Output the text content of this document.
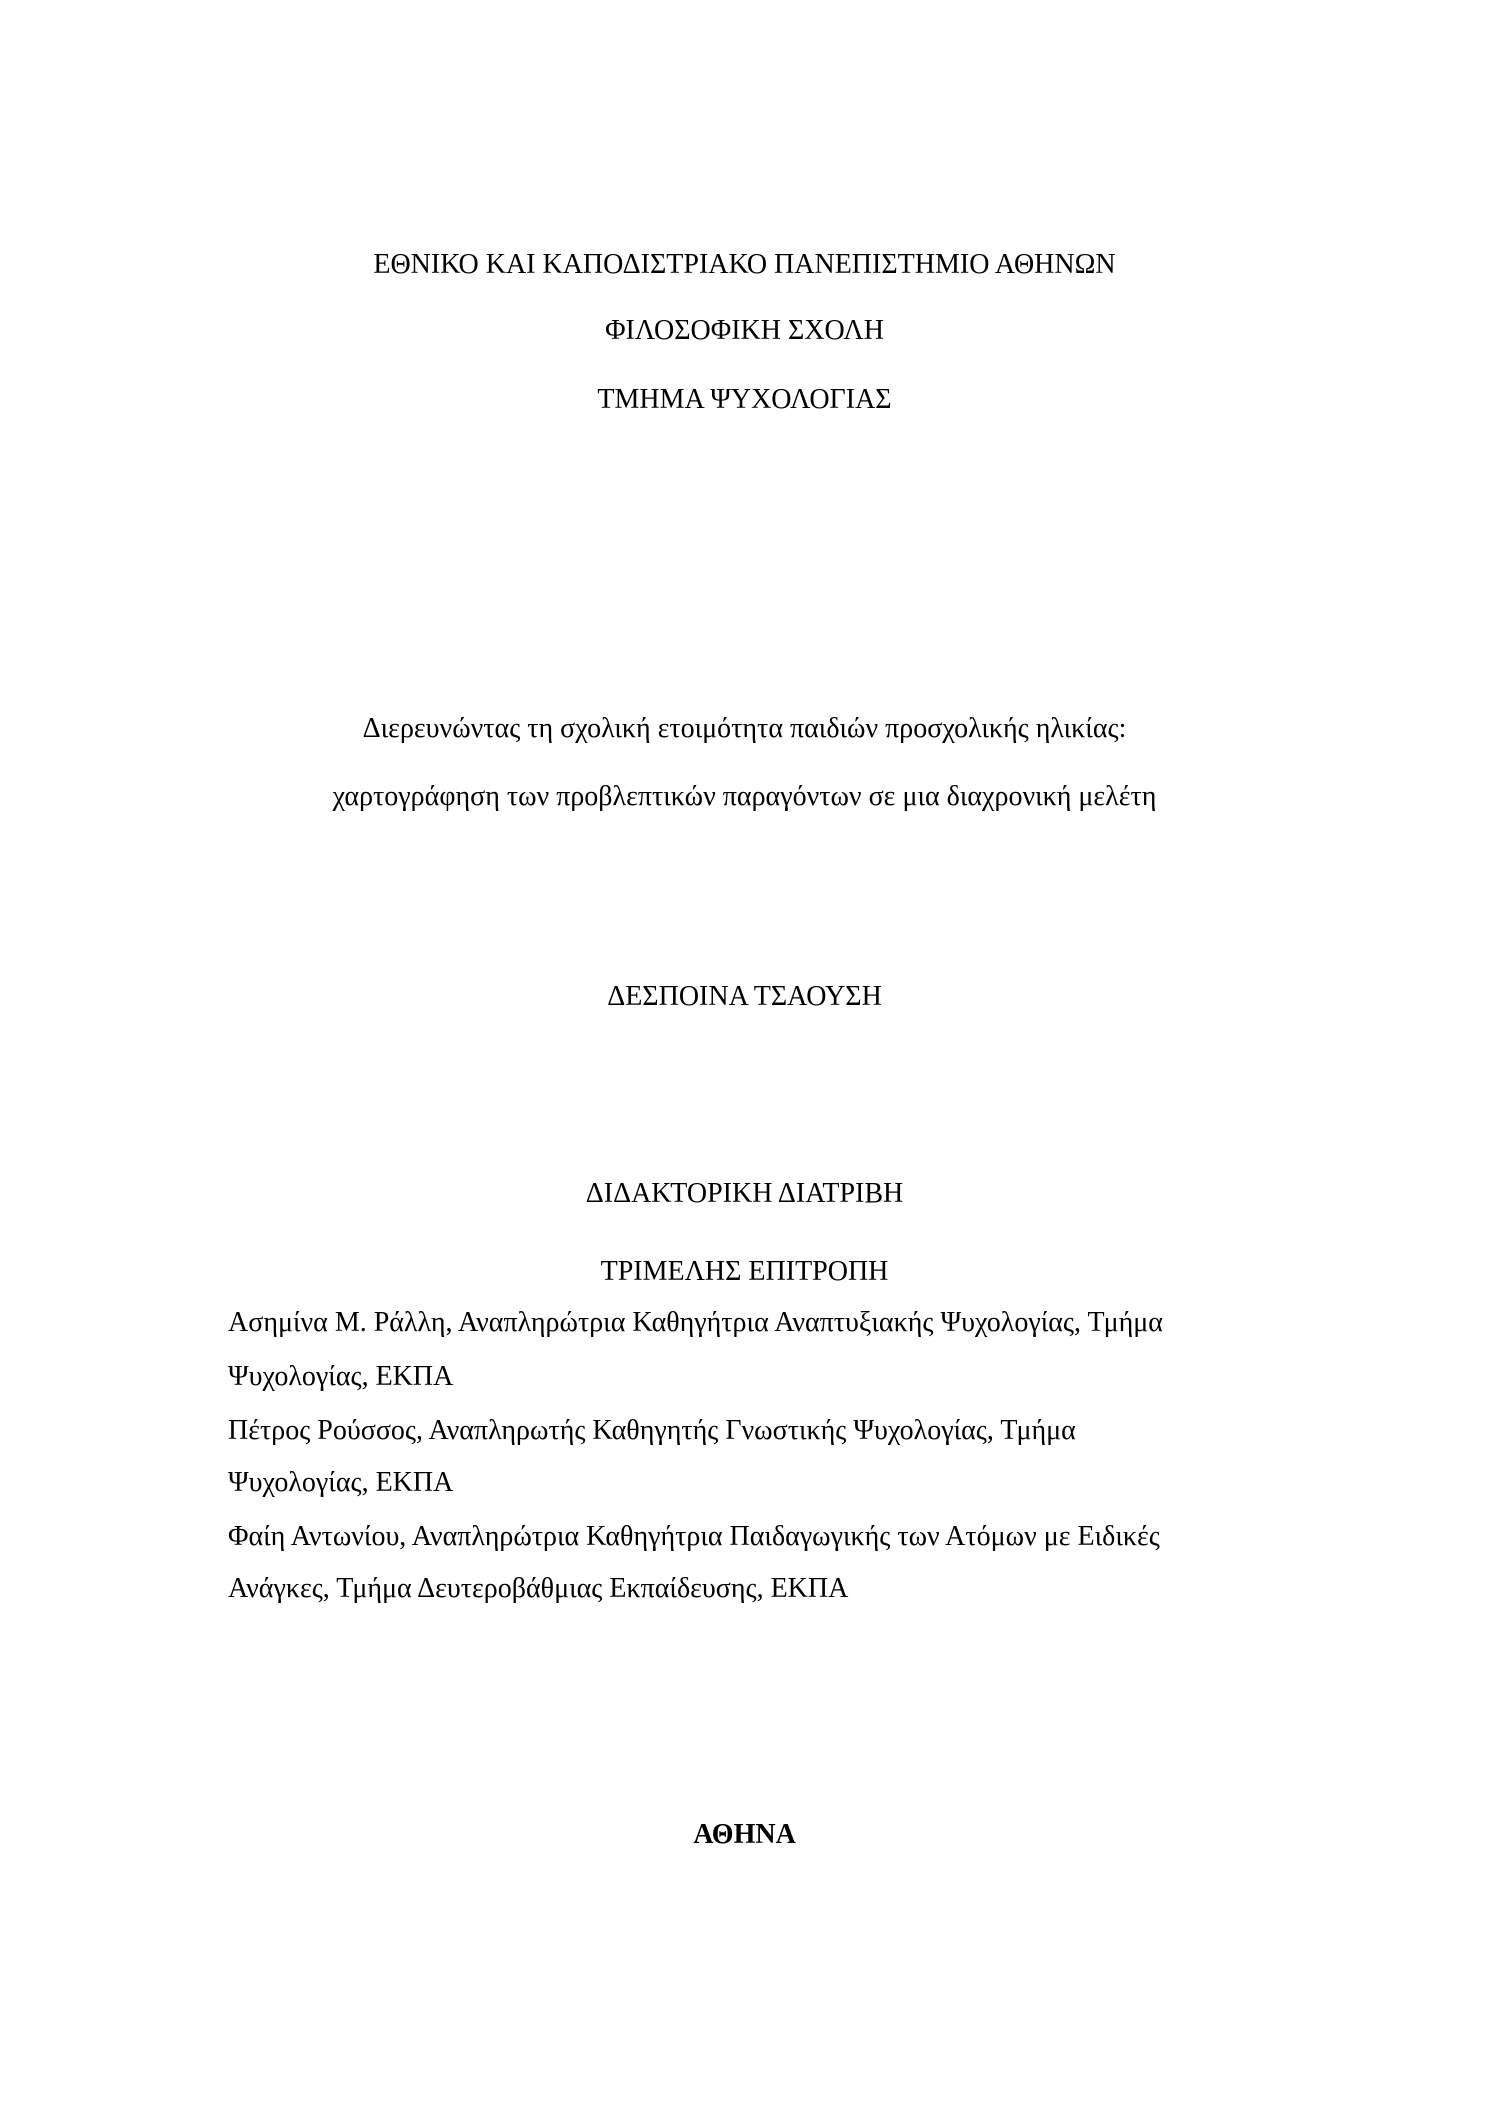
ΕΘΝΙΚΟ ΚΑΙ ΚΑΠΟΔΙΣΤΡΙΑΚΟ ΠΑΝΕΠΙΣΤΗΜΙΟ ΑΘΗΝΩΝ
ΦΙΛΟΣΟΦΙΚΗ ΣΧΟΛΗ
ΤΜΗΜΑ ΨΥΧΟΛΟΓΙΑΣ
Διερευνώντας τη σχολική ετοιμότητα παιδιών προσχολικής ηλικίας:
χαρτογράφηση των προβλεπτικών παραγόντων σε μια διαχρονική μελέτη
ΔΕΣΠΟΙΝΑ ΤΣΑΟΥΣΗ
ΔΙΔΑΚΤΟΡΙΚΗ ΔΙΑΤΡΙΒΗ
ΤΡΙΜΕΛΗΣ ΕΠΙΤΡΟΠΗ
Ασημίνα Μ. Ράλλη, Αναπληρώτρια Καθηγήτρια Αναπτυξιακής Ψυχολογίας, Τμήμα
Ψυχολογίας, ΕΚΠΑ
Πέτρος Ρούσσος, Αναπληρωτής Καθηγητής Γνωστικής Ψυχολογίας, Τμήμα
Ψυχολογίας, ΕΚΠΑ
Φαίη Αντωνίου, Αναπληρώτρια Καθηγήτρια Παιδαγωγικής των Ατόμων με Ειδικές
Ανάγκες, Τμήμα Δευτεροβάθμιας Εκπαίδευσης, ΕΚΠΑ
ΑΘΗΝΑ
